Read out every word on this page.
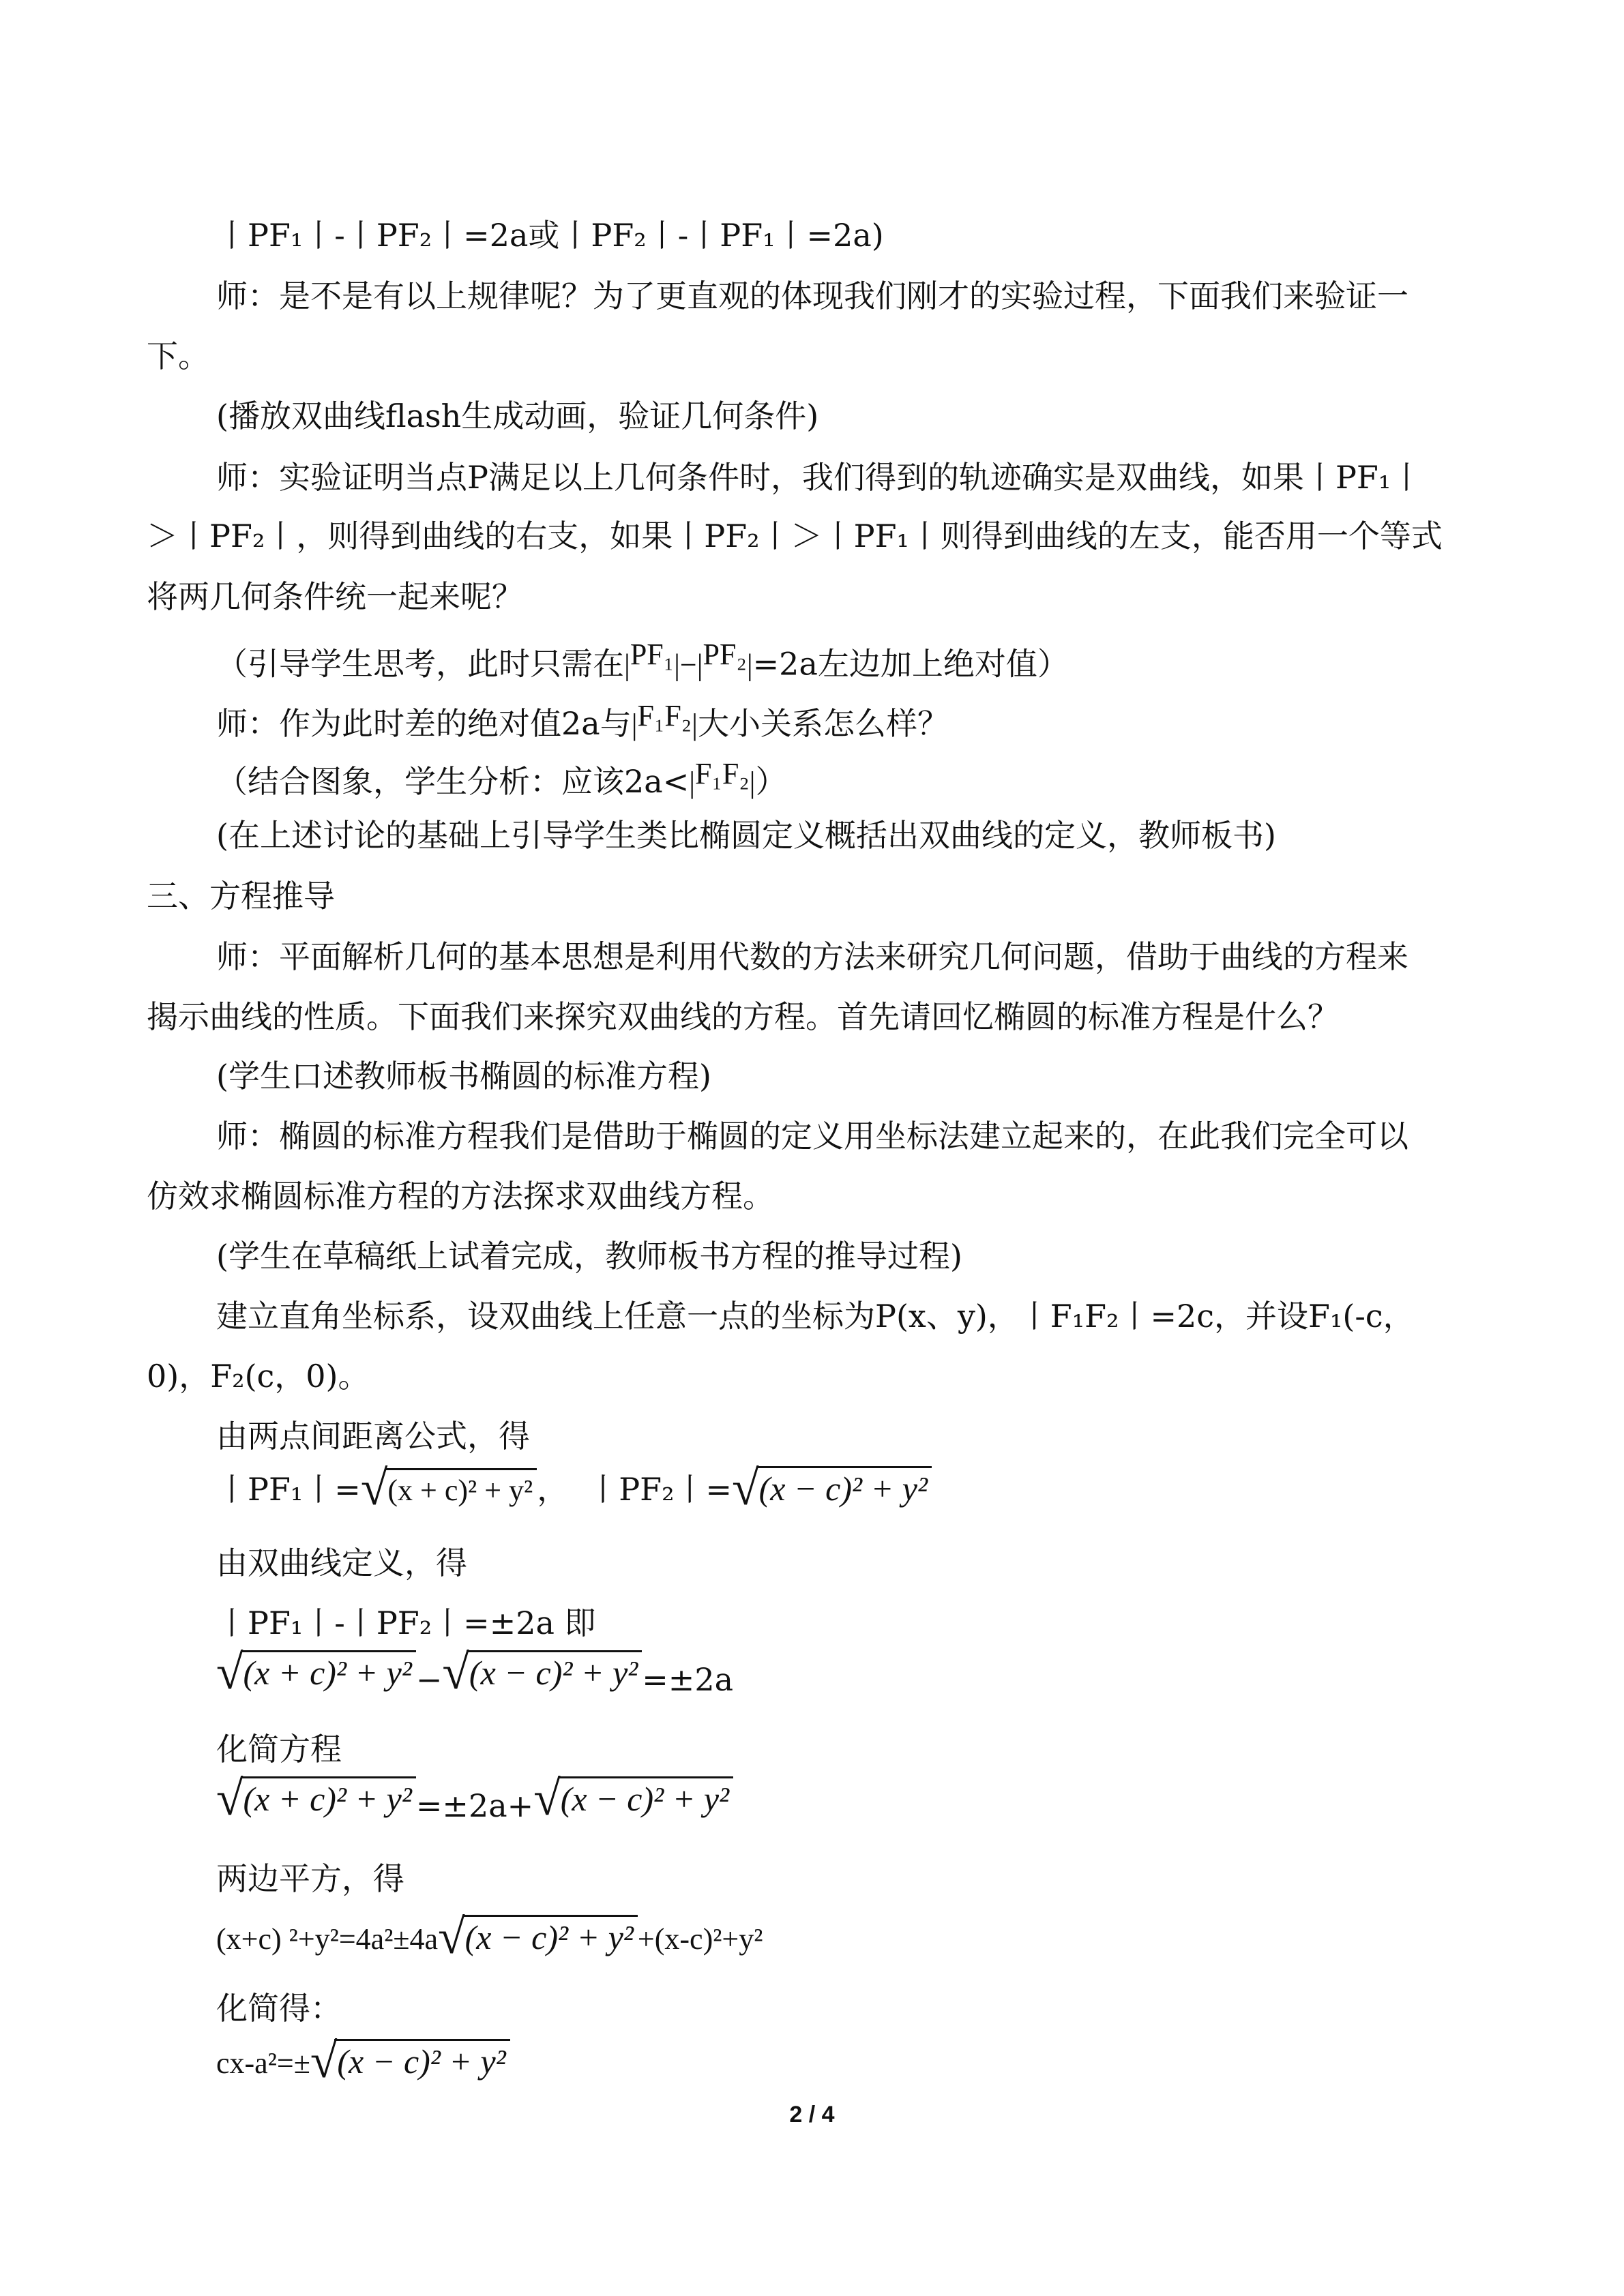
丨PF₁丨-丨PF₂丨=2a或丨PF₂丨-丨PF₁丨=2a)
师：是不是有以上规律呢？为了更直观的体现我们刚才的实验过程，下面我们来验证一
下。
(播放双曲线flash生成动画，验证几何条件)
师：实验证明当点P满足以上几何条件时，我们得到的轨迹确实是双曲线，如果丨PF₁丨
＞丨PF₂丨，则得到曲线的右支，如果丨PF₂丨＞丨PF₁丨则得到曲线的左支，能否用一个等式
将两几何条件统一起来呢？
（引导学生思考，此时只需在|PF₁|−|PF₂|=2a左边加上绝对值）
师：作为此时差的绝对值2a与|F₁F₂|大小关系怎么样？
（结合图象，学生分析：应该2a<|F₁F₂|）
(在上述讨论的基础上引导学生类比椭圆定义概括出双曲线的定义，教师板书)
三、方程推导
师：平面解析几何的基本思想是利用代数的方法来研究几何问题，借助于曲线的方程来
揭示曲线的性质。下面我们来探究双曲线的方程。首先请回忆椭圆的标准方程是什么？
(学生口述教师板书椭圆的标准方程)
师：椭圆的标准方程我们是借助于椭圆的定义用坐标法建立起来的，在此我们完全可以
仿效求椭圆标准方程的方法探求双曲线方程。
(学生在草稿纸上试着完成，教师板书方程的推导过程)
建立直角坐标系，设双曲线上任意一点的坐标为P(x、y)，丨F₁F₂丨=2c，并设F₁(-c，
0)，F₂(c，0)。
由两点间距离公式，得
丨PF₁丨=√(x + c)² + y² ， 丨PF₂丨=√(x − c)² + y²
由双曲线定义，得
丨PF₁丨-丨PF₂丨=±2a 即
√(x + c)² + y² −√(x − c)² + y² =±2a
化简方程
√(x + c)² + y² =±2a+√(x − c)² + y²
两边平方，得
(x+c) ²+y²=4a²±4a√(x − c)² + y² +(x-c)²+y²
化简得：
cx-a²=±√(x − c)² + y²
2 / 4
